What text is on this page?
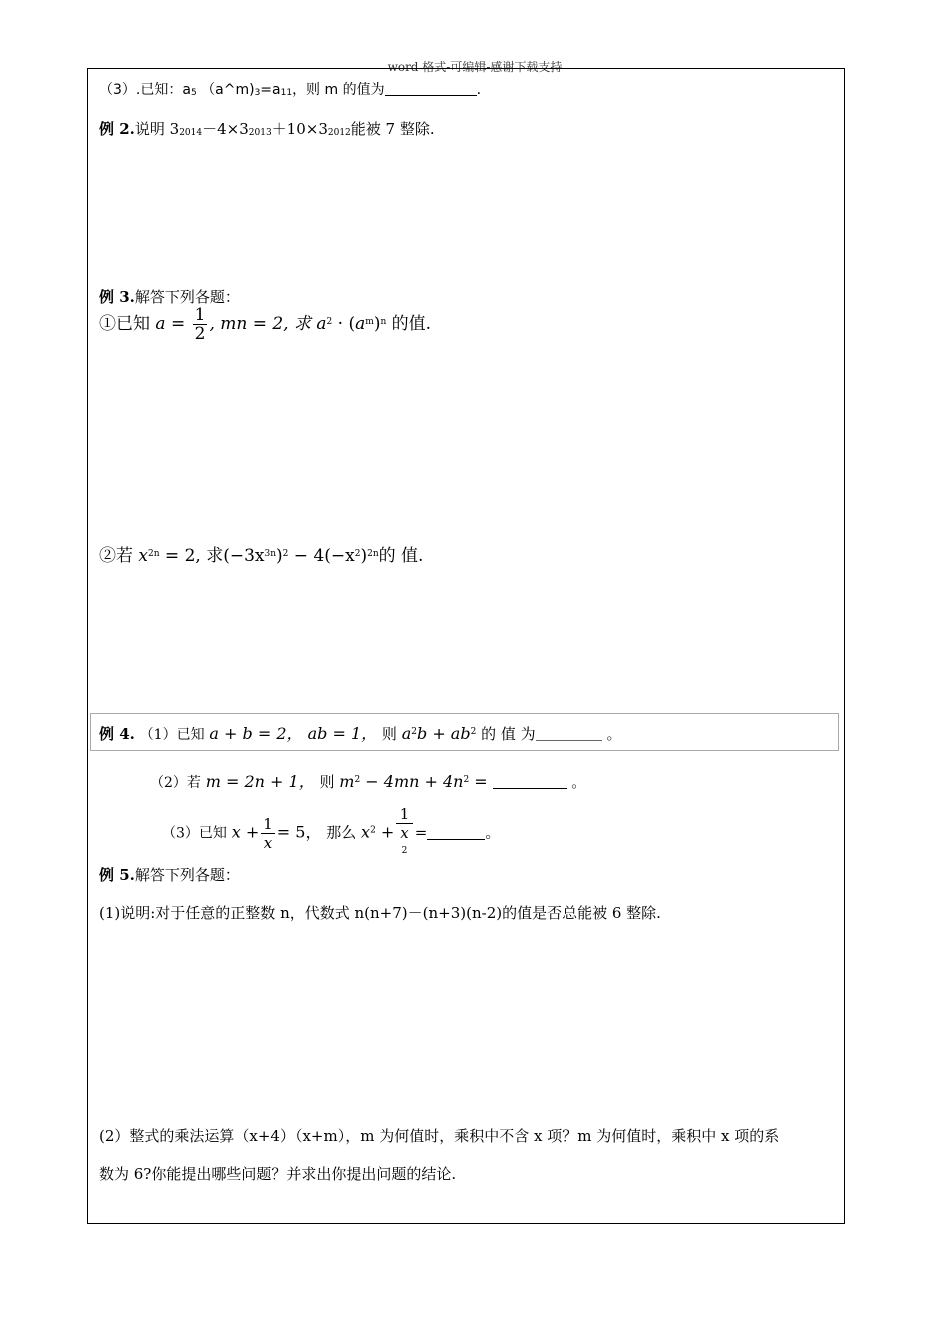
word 格式-可编辑-感谢下载支持
（3）.已知：$a_5$ $(a\^{}m)_3=a_{11}$，则 m 的值为	.
例 2.说明 $3_{2014}-4\times 3_{2013}+10\times 3_{2012}$能被 7 整除.
例 3.解答下列各题：
①已知 $a = \frac{1}{2}$ , mn = 2, 求 $a^2 \cdot (a^m)^n$ 的值.
②若 $x^{2n} = 2$, 求$(-3x^{3n})^2 - 4(-x^2)^{2n}$的 值.
例 4. （1）已知 a + b = 2， ab = 1， 则 $a^2b + ab^2$ 的 值 为	。
（2）若 m = 2n + 1， 则 $m^2 - 4mn + 4n^2$ =	。
（3）已知 $x + \frac{1}{x} = 5$， 那么 $x^2 + 1$
x
$^2$ =	。
例 5.解答下列各题：
(1)说明:对于任意的正整数 n，代数式 n(n+7)－(n+3)(n-2)的值是否总能被 6 整除.
(2）整式的乘法运算（x+4）（x+m），m 为何值时，乘积中不含 x 项？m 为何值时，乘积中 x 项的系
数为 6?你能提出哪些问题？并求出你提出问题的结论.
